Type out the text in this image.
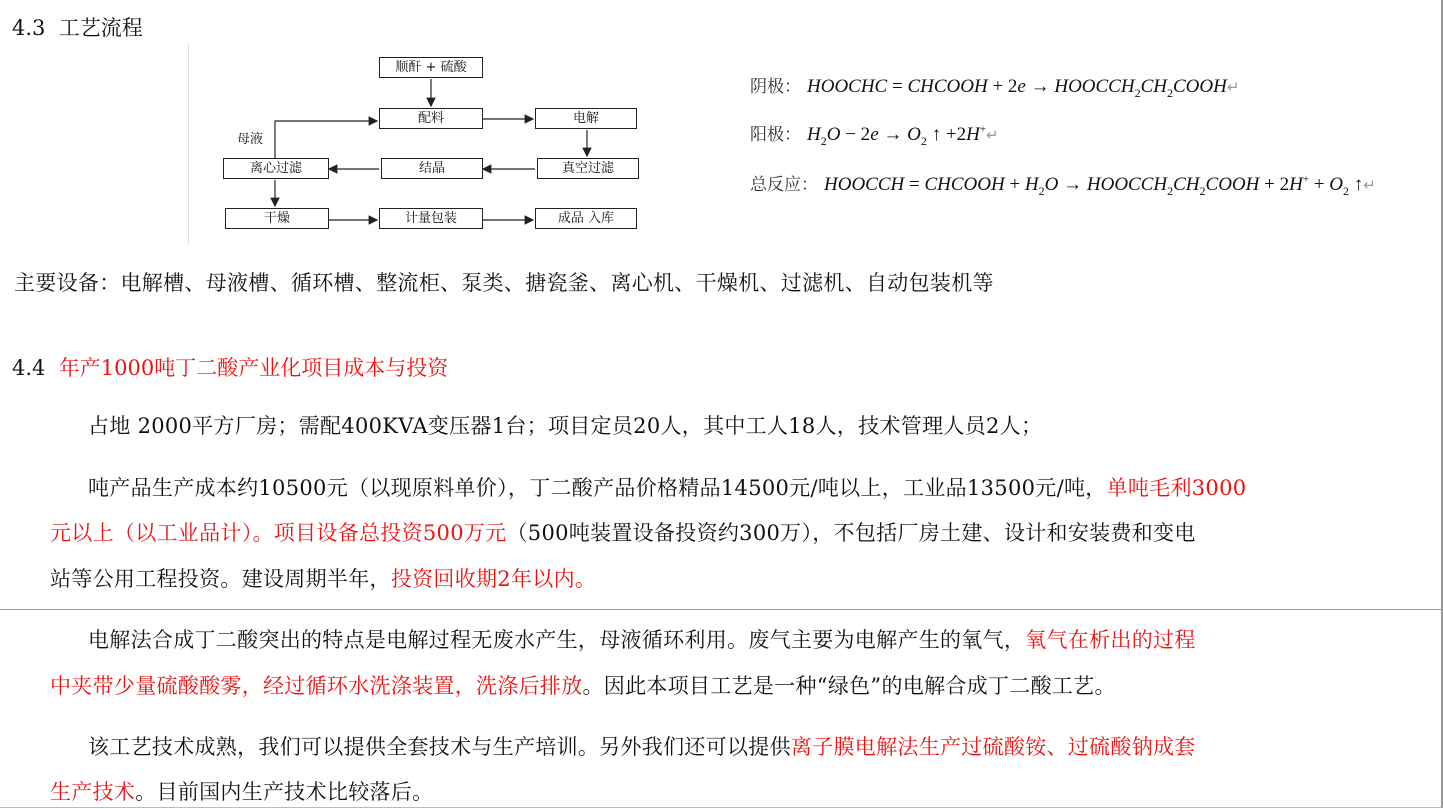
4.3 工艺流程
顺酐 + 硫酸
配料	电解
离心过滤	结晶	真空过滤
干燥	计量包装	成品 入库
母液
阴极： HOOCHC = CHCOOH + $2e \to HOOCCH_2CH_2COOH↵$
阳极： $H_2O - 2e \to O_2$ ↑ +2H+↵
总反应： HOOCCH = CHCOOH + $H_2O$ → $HOOCCH_2CH_2COOH + 2H^+ + O_2$ ↑↵
主要设备：电解槽、母液槽、循环槽、整流柜、泵类、搪瓷釜、离心机、干燥机、过滤机、自动包装机等
4.4 年产1000吨丁二酸产业化项目成本与投资
占地 2000平方厂房；需配400KVA变压器1台；项目定员20人，其中工人18人，技术管理人员2人；
吨产品生产成本约10500元（以现原料单价），丁二酸产品价格精品14500元/吨以上，工业品13500元/吨，单吨毛利3000
元以上（以工业品计）。项目设备总投资500万元（500吨装置设备投资约300万），不包括厂房土建、设计和安装费和变电
站等公用工程投资。建设周期半年，投资回收期2年以内。
电解法合成丁二酸突出的特点是电解过程无废水产生，母液循环利用。废气主要为电解产生的氧气，氧气在析出的过程
中夹带少量硫酸酸雾，经过循环水洗涤装置，洗涤后排放。因此本项目工艺是一种“绿色”的电解合成丁二酸工艺。
该工艺技术成熟，我们可以提供全套技术与生产培训。另外我们还可以提供离子膜电解法生产过硫酸铵、过硫酸钠成套
生产技术。目前国内生产技术比较落后。
